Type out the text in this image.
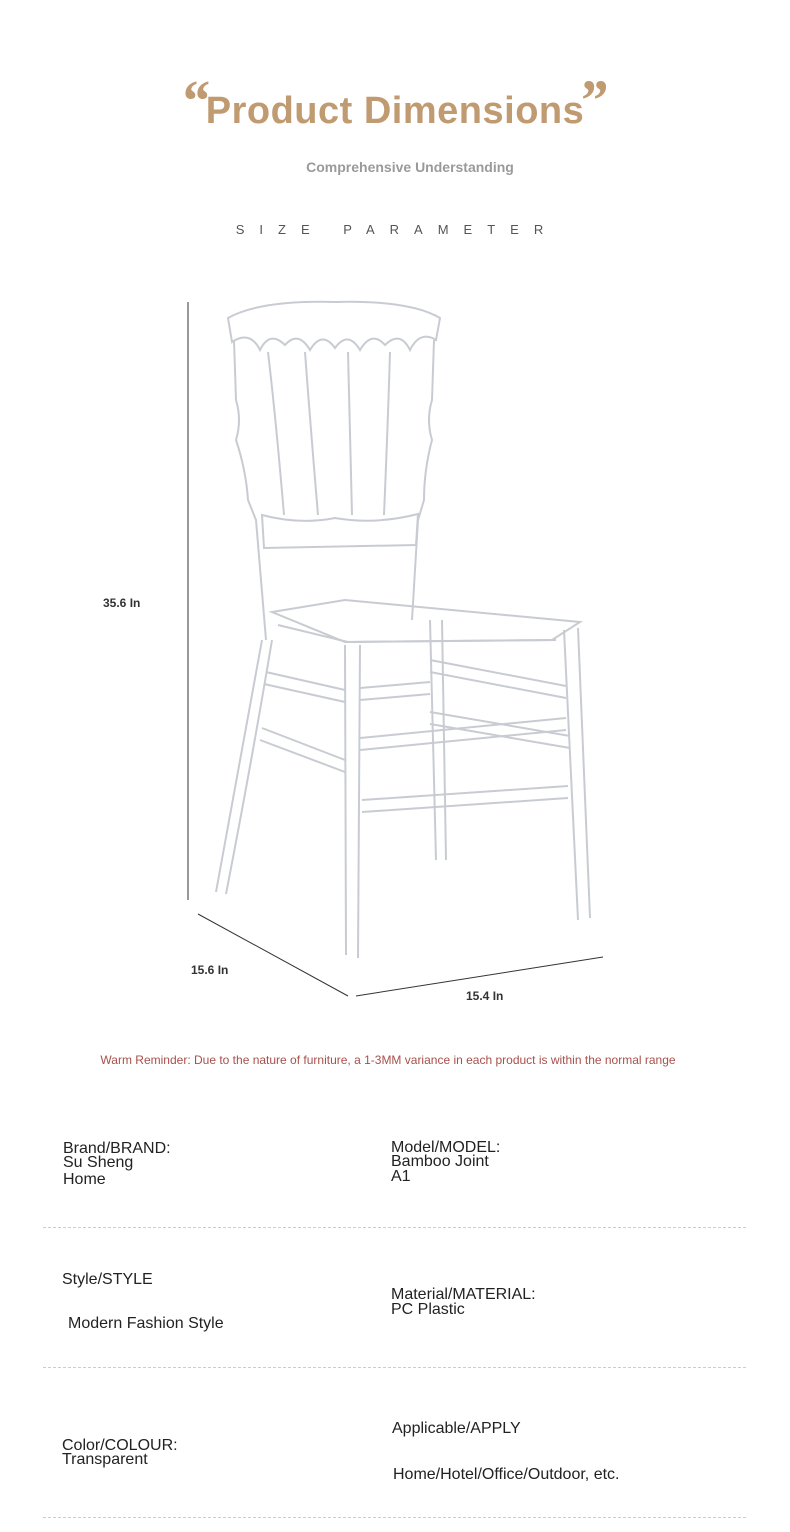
“
Product Dimensions
”
Comprehensive Understanding
SIZE PARAMETER
35.6 In
15.6 In
15.4 In
Warm Reminder: Due to the nature of furniture, a 1-3MM variance in each product is within the normal range
Brand/BRAND:
Su Sheng
Home
Model/MODEL:
Bamboo Joint
A1
Style/STYLE
Modern Fashion Style
Material/MATERIAL:
PC Plastic
Color/COLOUR:
Transparent
Applicable/APPLY
Home/Hotel/Office/Outdoor, etc.
